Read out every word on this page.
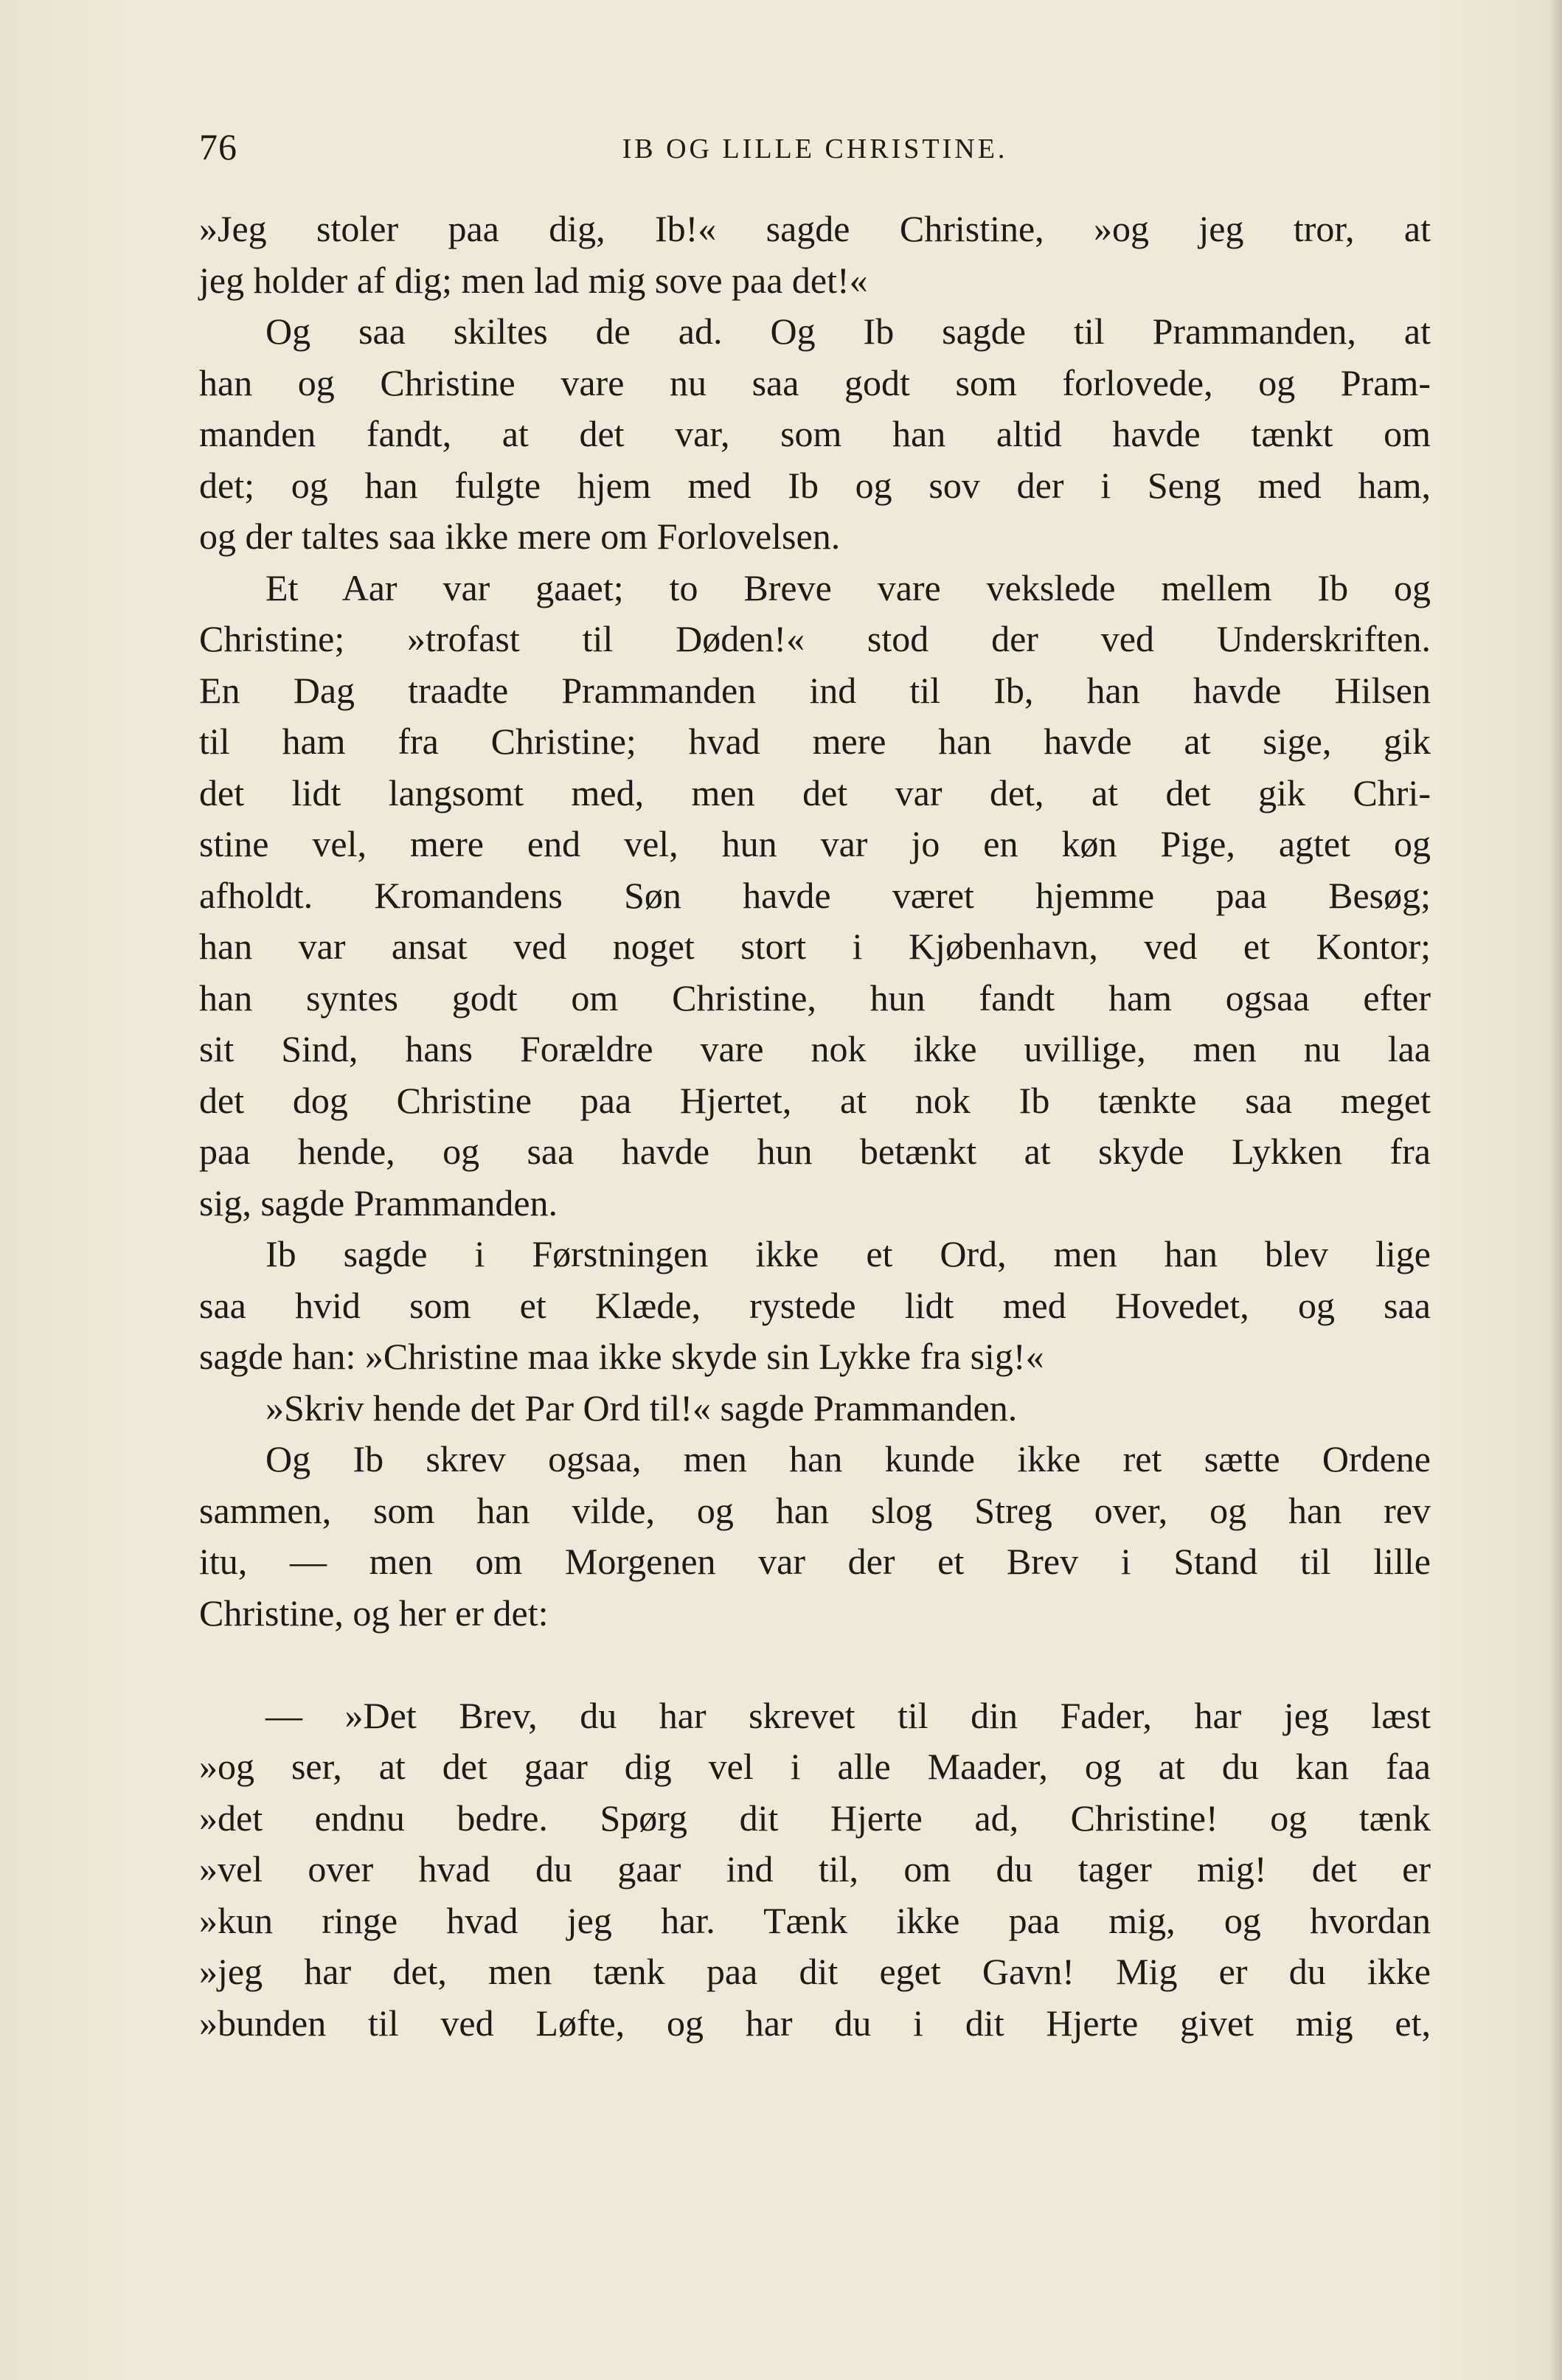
76	IB OG LILLE CHRISTINE.
»Jeg stoler paa dig, Ib!« sagde Christine, »og jeg tror, at
jeg holder af dig; men lad mig sove paa det!«
Og saa skiltes de ad. Og Ib sagde til Prammanden, at
han og Christine vare nu saa godt som forlovede, og Pram-
manden fandt, at det var, som han altid havde tænkt om
det; og han fulgte hjem med Ib og sov der i Seng med ham,
og der taltes saa ikke mere om Forlovelsen.
Et Aar var gaaet; to Breve vare vekslede mellem Ib og
Christine; »trofast til Døden!« stod der ved Underskriften.
En Dag traadte Prammanden ind til Ib, han havde Hilsen
til ham fra Christine; hvad mere han havde at sige, gik
det lidt langsomt med, men det var det, at det gik Chri-
stine vel, mere end vel, hun var jo en køn Pige, agtet og
afholdt. Kromandens Søn havde været hjemme paa Besøg;
han var ansat ved noget stort i Kjøbenhavn, ved et Kontor;
han syntes godt om Christine, hun fandt ham ogsaa efter
sit Sind, hans Forældre vare nok ikke uvillige, men nu laa
det dog Christine paa Hjertet, at nok Ib tænkte saa meget
paa hende, og saa havde hun betænkt at skyde Lykken fra
sig, sagde Prammanden.
Ib sagde i Førstningen ikke et Ord, men han blev lige
saa hvid som et Klæde, rystede lidt med Hovedet, og saa
sagde han: »Christine maa ikke skyde sin Lykke fra sig!«
»Skriv hende det Par Ord til!« sagde Prammanden.
Og Ib skrev ogsaa, men han kunde ikke ret sætte Ordene
sammen, som han vilde, og han slog Streg over, og han rev
itu, — men om Morgenen var der et Brev i Stand til lille
Christine, og her er det:
— »Det Brev, du har skrevet til din Fader, har jeg læst
»og ser, at det gaar dig vel i alle Maader, og at du kan faa
»det endnu bedre. Spørg dit Hjerte ad, Christine! og tænk
»vel over hvad du gaar ind til, om du tager mig! det er
»kun ringe hvad jeg har. Tænk ikke paa mig, og hvordan
»jeg har det, men tænk paa dit eget Gavn! Mig er du ikke
»bunden til ved Løfte, og har du i dit Hjerte givet mig et,
